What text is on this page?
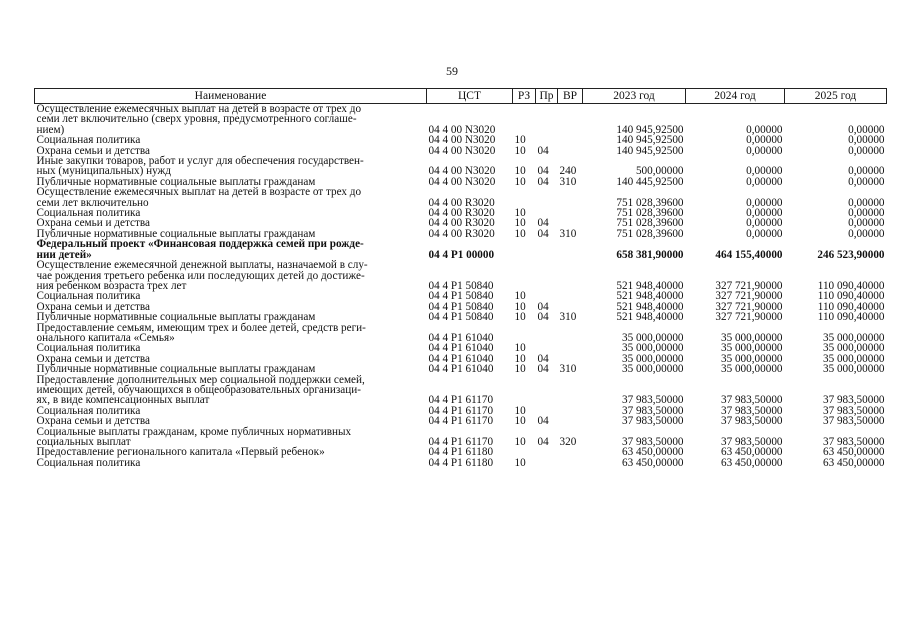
59
Наименование	ЦСТ	РЗ	Пр	ВР	2023 год	2024 год	2025 год
Осуществление ежемесячных выплат на детей в возрасте от трех до
семи лет включительно (сверх уровня, предусмотренного соглаше-
нием)	04 4 00 N3020				140 945,92500	0,00000	0,00000
Социальная политика	04 4 00 N3020	10			140 945,92500	0,00000	0,00000
Охрана семьи и детства	04 4 00 N3020	10	04		140 945,92500	0,00000	0,00000
Иные закупки товаров, работ и услуг для обеспечения государствен-
ных (муниципальных) нужд	04 4 00 N3020	10	04	240	500,00000	0,00000	0,00000
Публичные нормативные социальные выплаты гражданам	04 4 00 N3020	10	04	310	140 445,92500	0,00000	0,00000
Осуществление ежемесячных выплат на детей в возрасте от трех до
семи лет включительно	04 4 00 R3020				751 028,39600	0,00000	0,00000
Социальная политика	04 4 00 R3020	10			751 028,39600	0,00000	0,00000
Охрана семьи и детства	04 4 00 R3020	10	04		751 028,39600	0,00000	0,00000
Публичные нормативные социальные выплаты гражданам	04 4 00 R3020	10	04	310	751 028,39600	0,00000	0,00000
Федеральный проект «Финансовая поддержка семей при рожде-
нии детей»	04 4 P1 00000				658 381,90000	464 155,40000	246 523,90000
Осуществление ежемесячной денежной выплаты, назначаемой в слу-
чае рождения третьего ребенка или последующих детей до достиже-
ния ребенком возраста трех лет	04 4 P1 50840				521 948,40000	327 721,90000	110 090,40000
Социальная политика	04 4 P1 50840	10			521 948,40000	327 721,90000	110 090,40000
Охрана семьи и детства	04 4 P1 50840	10	04		521 948,40000	327 721,90000	110 090,40000
Публичные нормативные социальные выплаты гражданам	04 4 P1 50840	10	04	310	521 948,40000	327 721,90000	110 090,40000
Предоставление семьям, имеющим трех и более детей, средств реги-
онального капитала «Семья»	04 4 P1 61040				35 000,00000	35 000,00000	35 000,00000
Социальная политика	04 4 P1 61040	10			35 000,00000	35 000,00000	35 000,00000
Охрана семьи и детства	04 4 P1 61040	10	04		35 000,00000	35 000,00000	35 000,00000
Публичные нормативные социальные выплаты гражданам	04 4 P1 61040	10	04	310	35 000,00000	35 000,00000	35 000,00000
Предоставление дополнительных мер социальной поддержки семей,
имеющих детей, обучающихся в общеобразовательных организаци-
ях, в виде компенсационных выплат	04 4 P1 61170				37 983,50000	37 983,50000	37 983,50000
Социальная политика	04 4 P1 61170	10			37 983,50000	37 983,50000	37 983,50000
Охрана семьи и детства	04 4 P1 61170	10	04		37 983,50000	37 983,50000	37 983,50000
Социальные выплаты гражданам, кроме публичных нормативных
социальных выплат	04 4 P1 61170	10	04	320	37 983,50000	37 983,50000	37 983,50000
Предоставление регионального капитала «Первый ребенок»	04 4 P1 61180				63 450,00000	63 450,00000	63 450,00000
Социальная политика	04 4 P1 61180	10			63 450,00000	63 450,00000	63 450,00000
